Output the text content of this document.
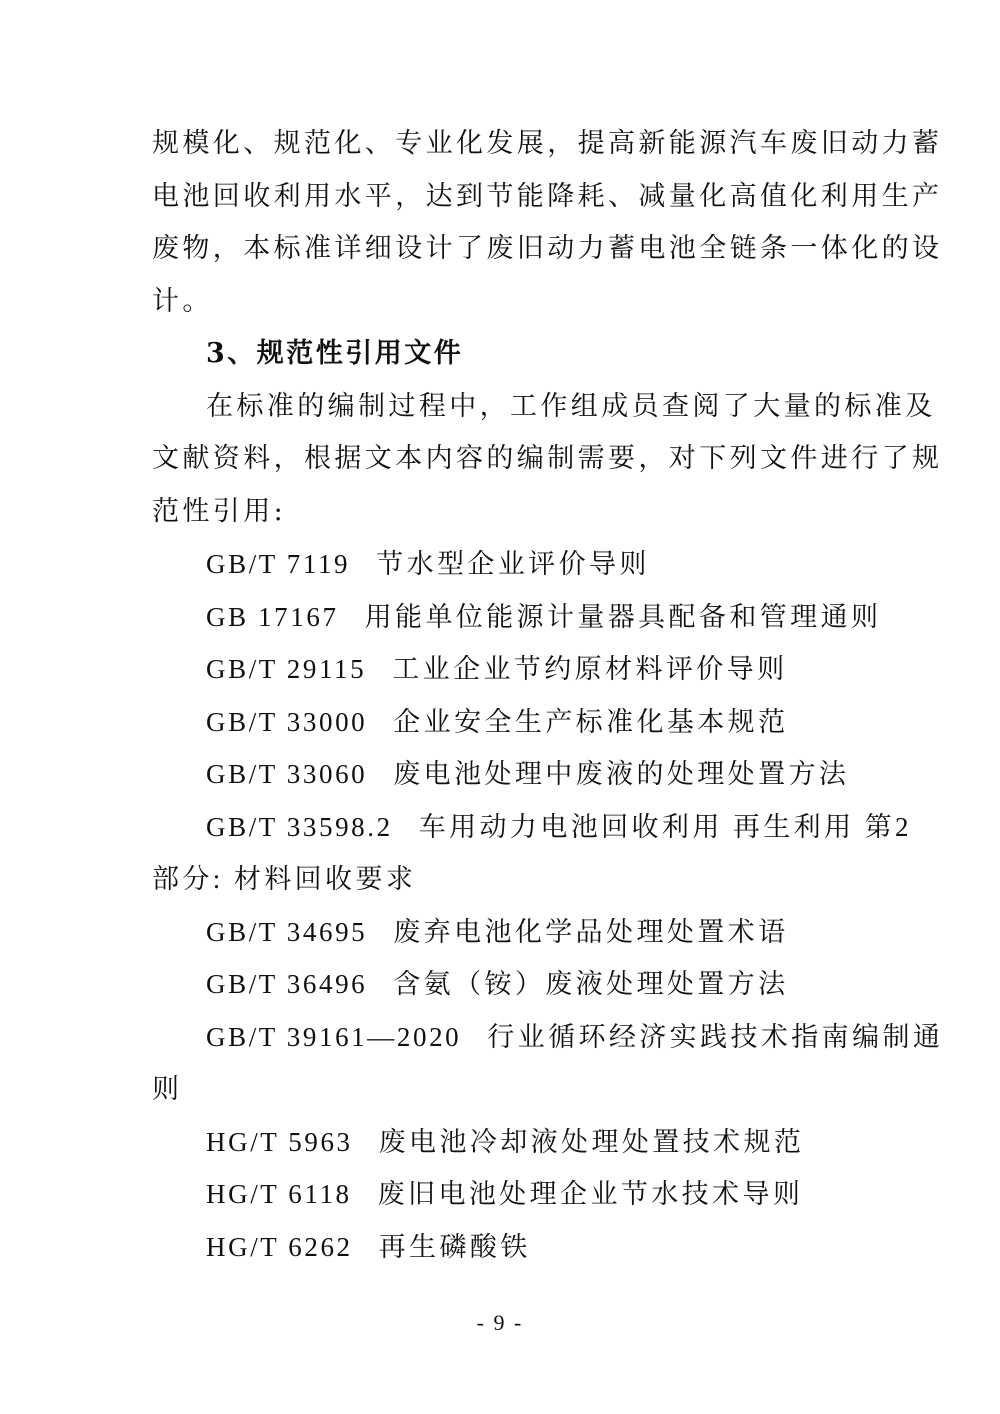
规模化、规范化、专业化发展，提高新能源汽车废旧动力蓄
电池回收利用水平，达到节能降耗、减量化高值化利用生产
废物，本标准详细设计了废旧动力蓄电池全链条一体化的设
计。
3、规范性引用文件
在标准的编制过程中，工作组成员查阅了大量的标准及
文献资料，根据文本内容的编制需要，对下列文件进行了规
范性引用:
GB/T 7119 节水型企业评价导则
GB 17167 用能单位能源计量器具配备和管理通则
GB/T 29115 工业企业节约原材料评价导则
GB/T 33000 企业安全生产标准化基本规范
GB/T 33060 废电池处理中废液的处理处置方法
GB/T 33598.2 车用动力电池回收利用 再生利用 第2
部分: 材料回收要求
GB/T 34695 废弃电池化学品处理处置术语
GB/T 36496 含氨（铵）废液处理处置方法
GB/T 39161—2020 行业循环经济实践技术指南编制通
则
HG/T 5963 废电池冷却液处理处置技术规范
HG/T 6118 废旧电池处理企业节水技术导则
HG/T 6262 再生磷酸铁
- 9 -
